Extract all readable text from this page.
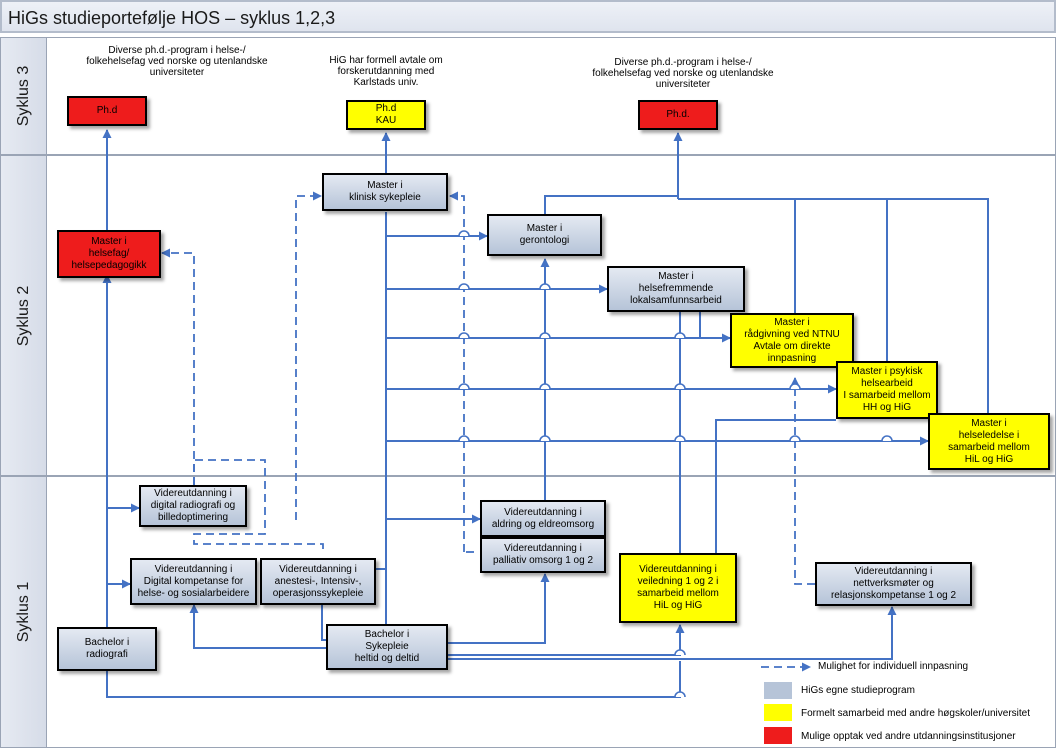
HiGs studieportefølje HOS – syklus 1,2,3
Syklus 3
Syklus 2
Syklus 1
Diverse ph.d.-program i helse-/
folkehelsefag ved norske og utenlandske
universiteter
HiG har formell avtale om
forskerutdanning med
Karlstads univ.
Diverse ph.d.-program i helse-/
folkehelsefag ved norske og utenlandske
universiteter
Ph.d	Ph.d
KAU
Ph.d.
Master i
klinisk sykepleie
Master i
helsefag/
helsepedagogikk
Master i
gerontologi
Master i
helsefremmende
lokalsamfunnsarbeid
Master i
rådgivning ved NTNU
Avtale om direkte
innpasning
Master i psykisk
helsearbeid
I samarbeid mellom
HH og HiG
Master i
helseledelse i
samarbeid mellom
HiL og HiG
Videreutdanning i
digital radiografi og
billedoptimering	Videreutdanning i
aldring og eldreomsorg
Videreutdanning i
palliativ omsorg 1 og 2
Videreutdanning i
Digital kompetanse for
helse- og sosialarbeidere
Videreutdanning i
anestesi-, Intensiv-,
operasjonssykepleie
Videreutdanning i
veiledning 1 og 2 i
samarbeid mellom
HiL og HiG
Videreutdanning i
nettverksmøter og
relasjonskompetanse 1 og 2
Bachelor i
radiografi
Bachelor i
Sykepleie
heltid og deltid
Mulighet for individuell innpasning
HiGs egne studieprogram
Formelt samarbeid med andre høgskoler/universitet
Mulige opptak ved andre utdanningsinstitusjoner
